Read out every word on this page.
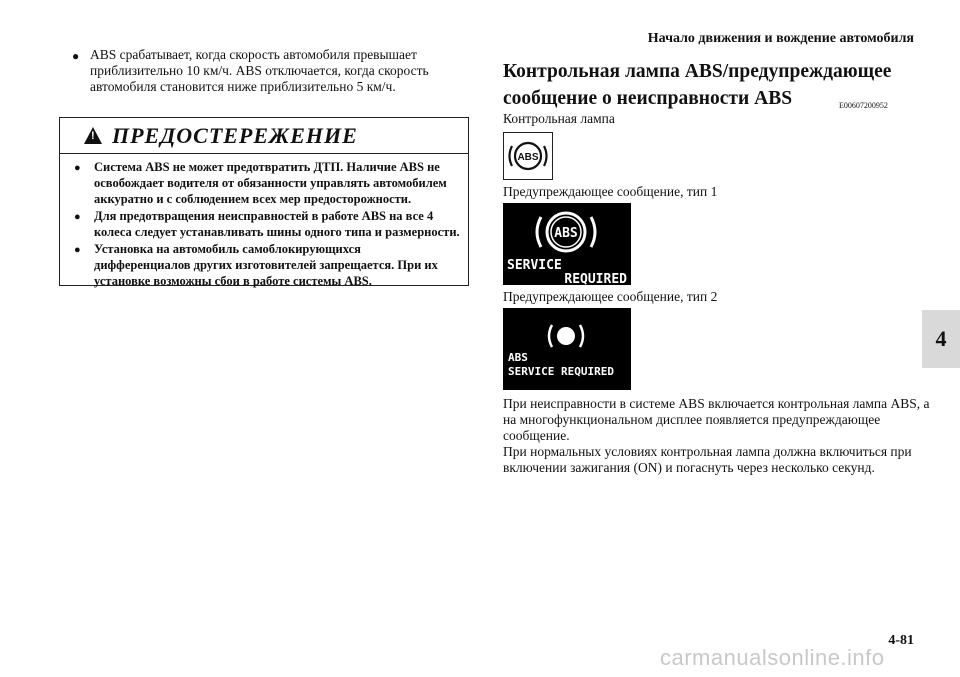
Начало движения и вождение автомобиля
● ABS срабатывает, когда скорость автомобиля превышает приблизительно 10 км/ч. ABS отключается, когда скорость автомобиля становится ниже приблизительно 5 км/ч.
!
ПРЕДОСТЕРЕЖЕНИЕ
●	Система ABS не может предотвратить ДТП. Наличие ABS не освобождает водителя от обязанности управлять автомобилем аккуратно и с соблюдением всех мер предосторожности.
●	Для предотвращения неисправностей в работе ABS на все 4 колеса следует устанавливать шины одного типа и размерности.
●	Установка на автомобиль самоблокирующихся дифференциалов других изготовителей запрещается. При их установке возможны сбои в работе системы ABS.
Контрольная лампа ABS/предупреждающее сообщение о неисправности ABS	E00607200952
Контрольная лампа
ABS
Предупреждающее сообщение, тип 1
ABS
SERVICE
REQUIRED
Предупреждающее сообщение, тип 2
ABS
SERVICE REQUIRED
При неисправности в системе ABS включается контрольная лампа ABS, а на многофункциональном дисплее появляется предупреждающее сообщение.
При нормальных условиях контрольная лампа должна включиться при включении зажигания (ON) и погаснуть через несколько секунд.
4
4-81
carmanualsonline.info
